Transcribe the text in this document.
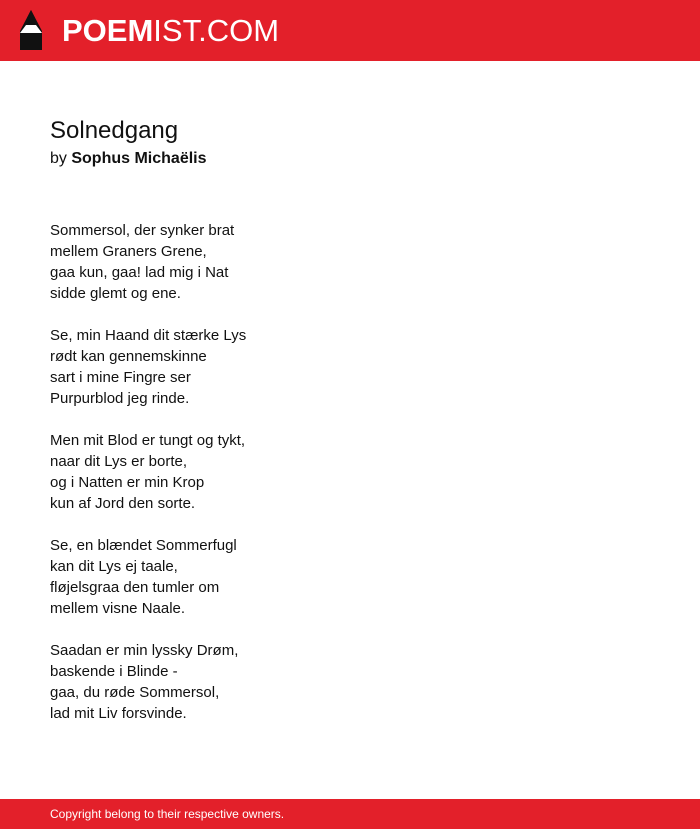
POEMIST.COM
Solnedgang

by Sophus Michaëlis

Sommersol, der synker brat
mellem Graners Grene,
gaa kun, gaa! lad mig i Nat
sidde glemt og ene.
Se, min Haand dit stærke Lys
rødt kan gennemskinne
sart i mine Fingre ser
Purpurblod jeg rinde.
Men mit Blod er tungt og tykt,
naar dit Lys er borte,
og i Natten er min Krop
kun af Jord den sorte.
Se, en blændet Sommerfugl
kan dit Lys ej taale,
fløjelsgraa den tumler om
mellem visne Naale.
Saadan er min lyssky Drøm,
baskende i Blinde -
gaa, du røde Sommersol,
lad mit Liv forsvinde.
Copyright belong to their respective owners.
